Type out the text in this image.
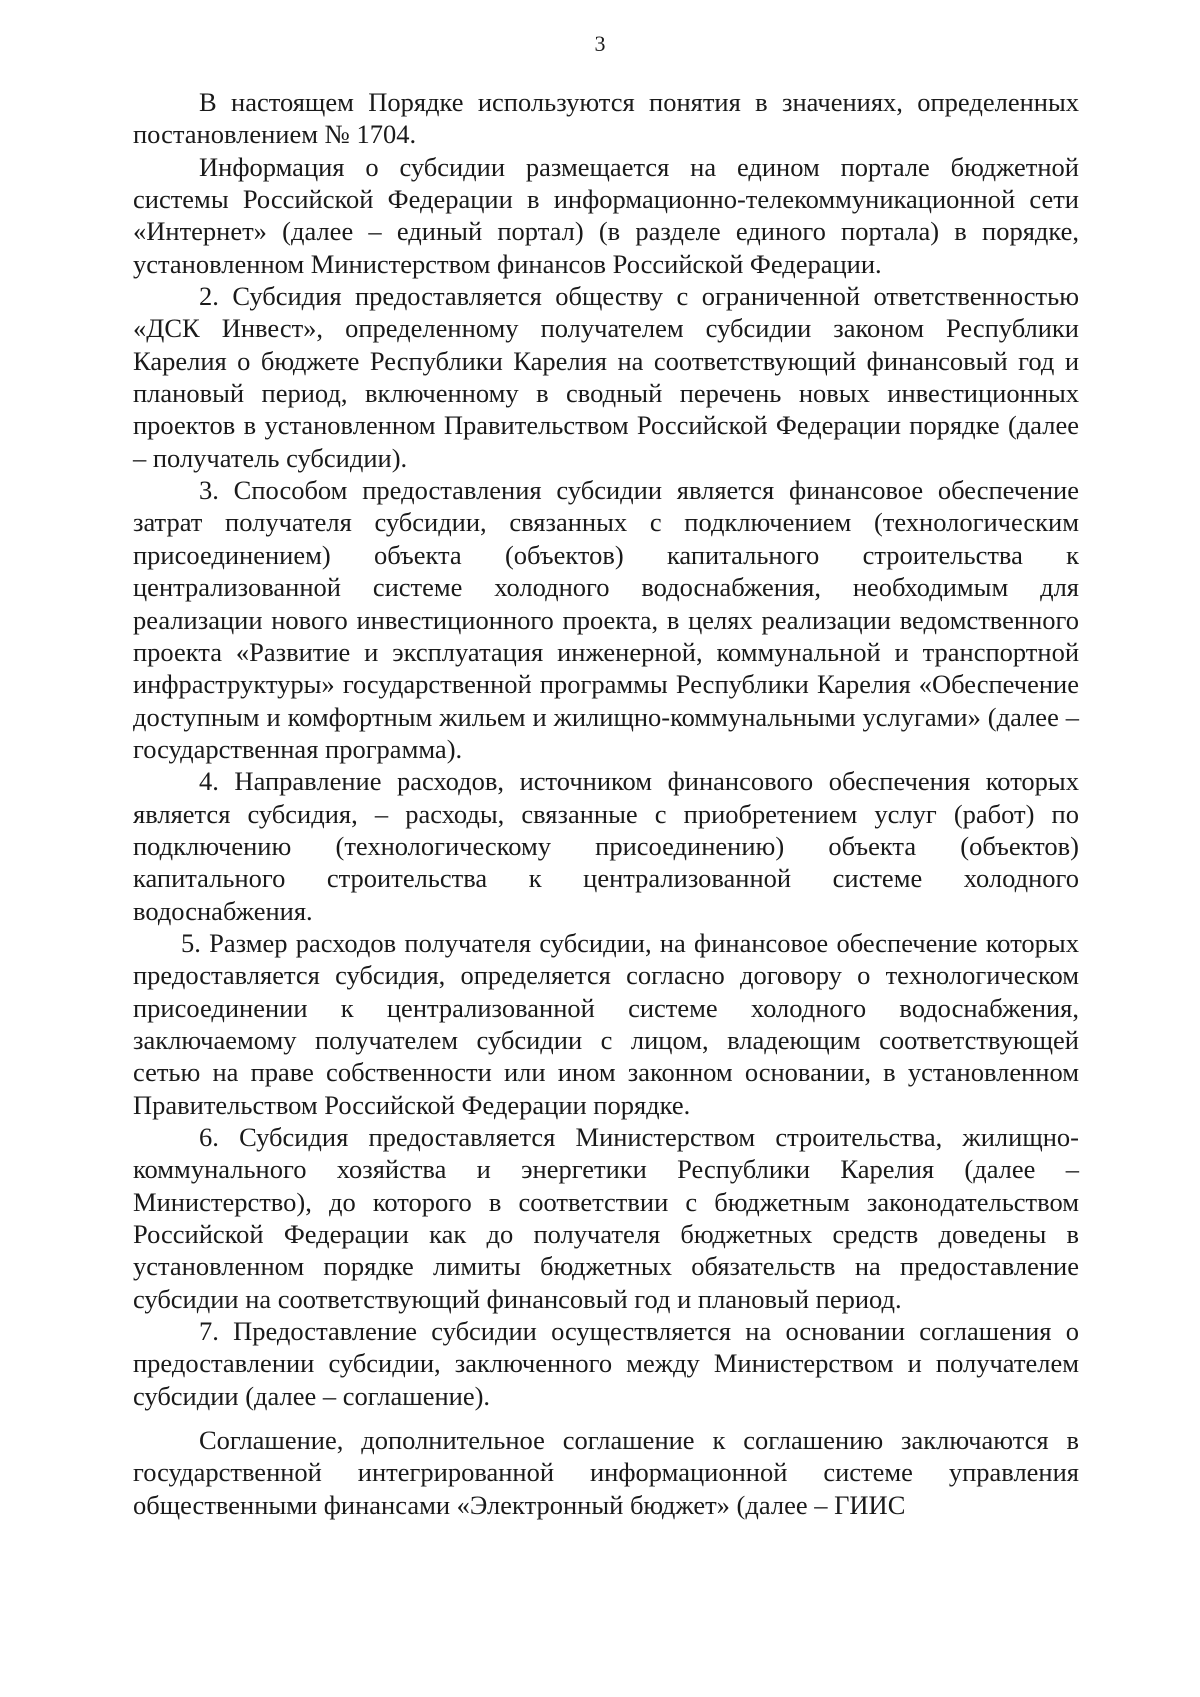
3

В настоящем Порядке используются понятия в значениях, определенных постановлением № 1704.

Информация о субсидии размещается на едином портале бюджетной системы Российской Федерации в информационно-телекоммуникационной сети «Интернет» (далее – единый портал) (в разделе единого портала) в порядке, установленном Министерством финансов Российской Федерации.

2. Субсидия предоставляется обществу с ограниченной ответственностью «ДСК Инвест», определенному получателем субсидии законом Республики Карелия о бюджете Республики Карелия на соответствующий финансовый год и плановый период, включенному в сводный перечень новых инвестиционных проектов в установленном Правительством Российской Федерации порядке (далее – получатель субсидии).

3. Способом предоставления субсидии является финансовое обеспечение затрат получателя субсидии, связанных с подключением (технологическим присоединением) объекта (объектов) капитального строительства к централизованной системе холодного водоснабжения, необходимым для реализации нового инвестиционного проекта, в целях реализации ведомственного проекта «Развитие и эксплуатация инженерной, коммунальной и транспортной инфраструктуры» государственной программы Республики Карелия «Обеспечение доступным и комфортным жильем и жилищно-коммунальными услугами» (далее – государственная программа).

4. Направление расходов, источником финансового обеспечения которых является субсидия, – расходы, связанные с приобретением услуг (работ) по подключению (технологическому присоединению) объекта (объектов) капитального строительства к централизованной системе холодного водоснабжения.

5. Размер расходов получателя субсидии, на финансовое обеспечение которых предоставляется субсидия, определяется согласно договору о технологическом присоединении к централизованной системе холодного водоснабжения, заключаемому получателем субсидии с лицом, владеющим соответствующей сетью на праве собственности или ином законном основании, в установленном Правительством Российской Федерации порядке.

6. Субсидия предоставляется Министерством строительства, жилищно-коммунального хозяйства и энергетики Республики Карелия (далее – Министерство), до которого в соответствии с бюджетным законодательством Российской Федерации как до получателя бюджетных средств доведены в установленном порядке лимиты бюджетных обязательств на предоставление субсидии на соответствующий финансовый год и плановый период.

7. Предоставление субсидии осуществляется на основании соглашения о предоставлении субсидии, заключенного между Министерством и получателем субсидии (далее – соглашение).

Соглашение, дополнительное соглашение к соглашению заключаются в государственной интегрированной информационной системе управления общественными финансами «Электронный бюджет» (далее – ГИИС
